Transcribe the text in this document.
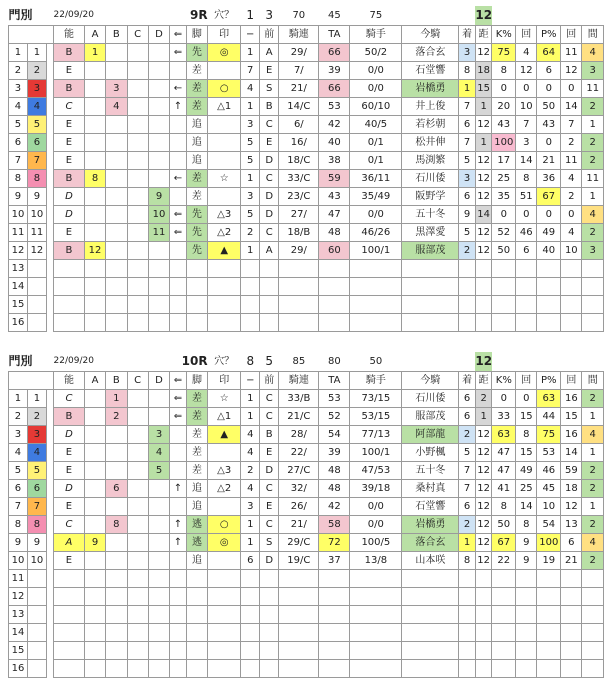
門別			22/09/20					9R		穴？	1	3	70	45	75			12					
			能	A	B	C	D	⇐	脚	印	−	前	騎連	TA	騎手	今騎	着	距	K%	回	P%	回	間
1	1		B	1				⇐	先	◎	1	A	29/	66	50/2	落合玄	3	12	75	4	64	11	4
2	2		E						差		7	E	7/	39	0/0	石堂響	8	18	8	12	6	12	3
3	3		B		3			←	差	○	4	S	21/	66	0/0	岩橋勇	1	15	0	0	0	0	11
4	4		C		4			↑	差	△1	1	B	14/C	53	60/10	井上俊	7	1	20	10	50	14	2
5	5		E						追		3	C	6/	42	40/5	若杉朝	6	12	43	7	43	7	1
6	6		E						追		5	E	16/	40	0/1	松井伸	7	1	100	3	0	2	2
7	7		E						追		5	D	18/C	38	0/1	馬渕繁	5	12	17	14	21	11	2
8	8		B	8				←	差	☆	1	C	33/C	59	36/11	石川倭	3	12	25	8	36	4	11
9	9		D				9		差		3	D	23/C	43	35/49	阪野学	6	12	35	51	67	2	1
10	10		D				10	⇐	先	△3	5	D	27/	47	0/0	五十冬	9	14	0	0	0	0	4
11	11		E				11	⇐	先	△2	2	C	18/B	48	46/26	黒澤愛	5	12	52	46	49	4	2
12	12		B	12					先	▲	1	A	29/	60	100/1	服部茂	2	12	50	6	40	10	3
13																							
14																							
15																							
16																							
門別			22/09/20					10R		穴？	8	5	85	80	50			12					
			能	A	B	C	D	⇐	脚	印	−	前	騎連	TA	騎手	今騎	着	距	K%	回	P%	回	間
1	1		C		1			⇐	差	☆	1	C	33/B	53	73/15	石川倭	6	2	0	0	63	16	2
2	2		B		2			⇐	差	△1	1	C	21/C	52	53/15	服部茂	6	1	33	15	44	15	1
3	3		D				3		差	▲	4	B	28/	54	77/13	阿部龍	2	12	63	8	75	16	4
4	4		E				4		差		4	E	22/	39	100/1	小野楓	5	12	47	15	53	14	1
5	5		E				5		差	△3	2	D	27/C	48	47/53	五十冬	7	12	47	49	46	59	2
6	6		D		6			↑	追	△2	4	C	32/	48	39/18	桑村真	7	12	41	25	45	18	2
7	7		E						追		3	E	26/	42	0/0	石堂響	6	12	8	14	10	12	1
8	8		C		8			↑	逃	○	1	C	21/	58	0/0	岩橋勇	2	12	50	8	54	13	2
9	9		A	9				↑	逃	◎	1	S	29/C	72	100/5	落合玄	1	12	67	9	100	6	4
10	10		E						追		6	D	19/C	37	13/8	山本咲	8	12	22	9	19	21	2
11																							
12																							
13																							
14																							
15																							
16																							
